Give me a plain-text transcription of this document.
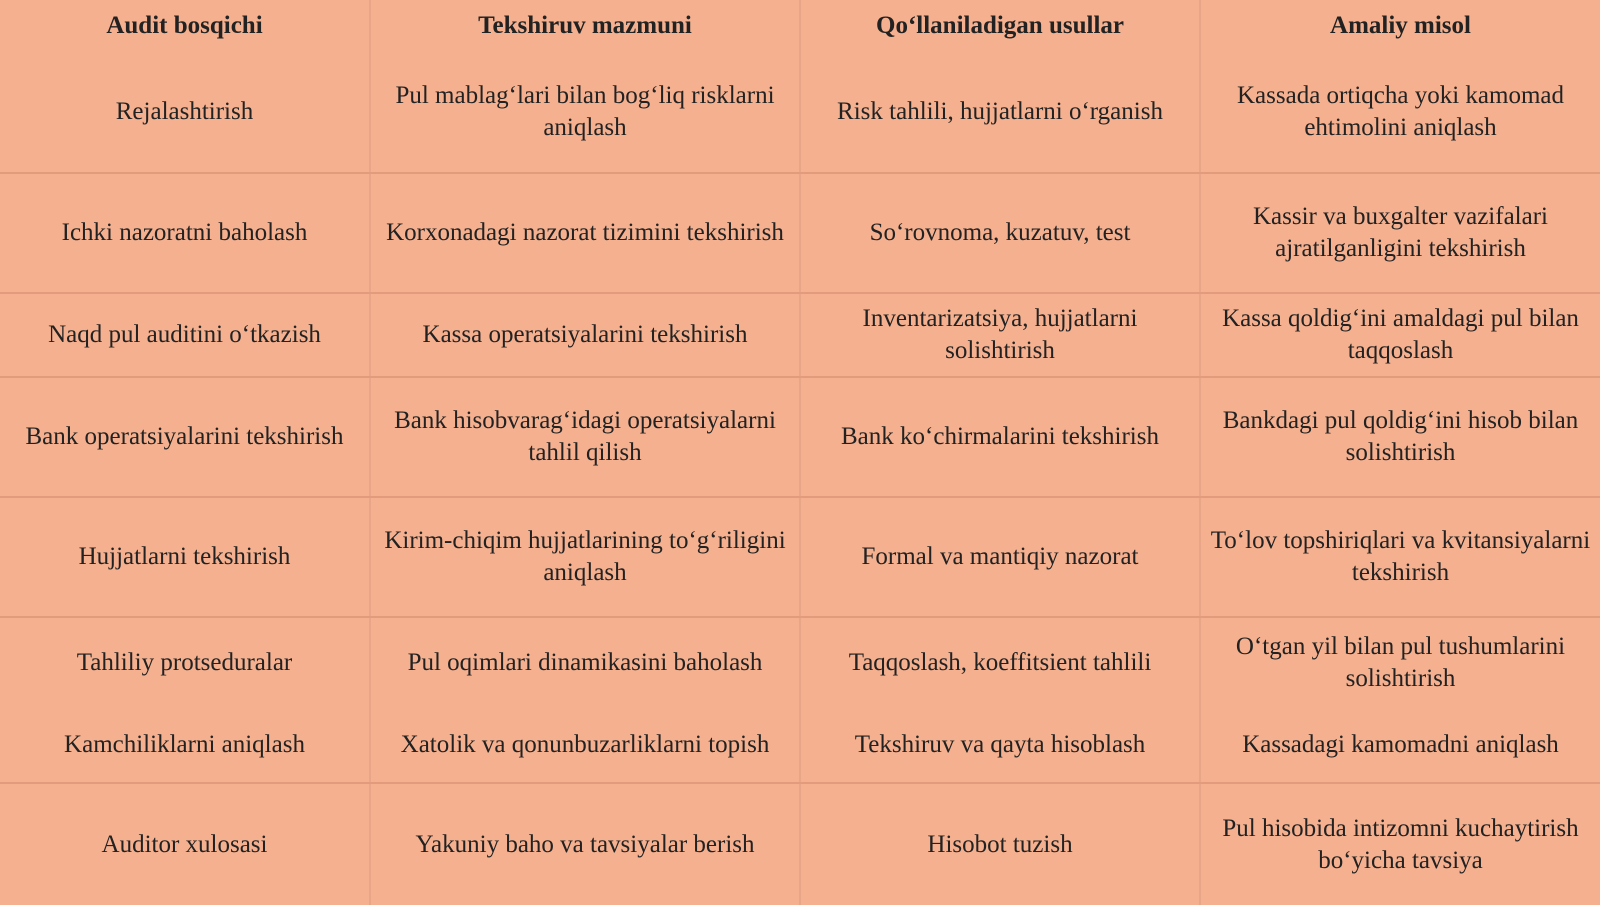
Audit bosqichi	Tekshiruv mazmuni	Qo‘llaniladigan usullar	Amaliy misol
Rejalashtirish	Pul mablag‘lari bilan bog‘liq risklarni aniqlash	Risk tahlili, hujjatlarni o‘rganish	Kassada ortiqcha yoki kamomad ehtimolini aniqlash
Ichki nazoratni baholash	Korxonadagi nazorat tizimini tekshirish	So‘rovnoma, kuzatuv, test	Kassir va buxgalter vazifalari ajratilganligini tekshirish
Naqd pul auditini o‘tkazish	Kassa operatsiyalarini tekshirish	Inventarizatsiya, hujjatlarni solishtirish	Kassa qoldig‘ini amaldagi pul bilan taqqoslash
Bank operatsiyalarini tekshirish	Bank hisobvarag‘idagi operatsiyalarni tahlil qilish	Bank ko‘chirmalarini tekshirish	Bankdagi pul qoldig‘ini hisob bilan solishtirish
Hujjatlarni tekshirish	Kirim-chiqim hujjatlarining to‘g‘riligini aniqlash	Formal va mantiqiy nazorat	To‘lov topshiriqlari va kvitansiyalarni tekshirish
Tahliliy protseduralar	Pul oqimlari dinamikasini baholash	Taqqoslash, koeffitsient tahlili	O‘tgan yil bilan pul tushumlarini solishtirish
Kamchiliklarni aniqlash	Xatolik va qonunbuzarliklarni topish	Tekshiruv va qayta hisoblash	Kassadagi kamomadni aniqlash
Auditor xulosasi	Yakuniy baho va tavsiyalar berish	Hisobot tuzish	Pul hisobida intizomni kuchaytirish bo‘yicha tavsiya
